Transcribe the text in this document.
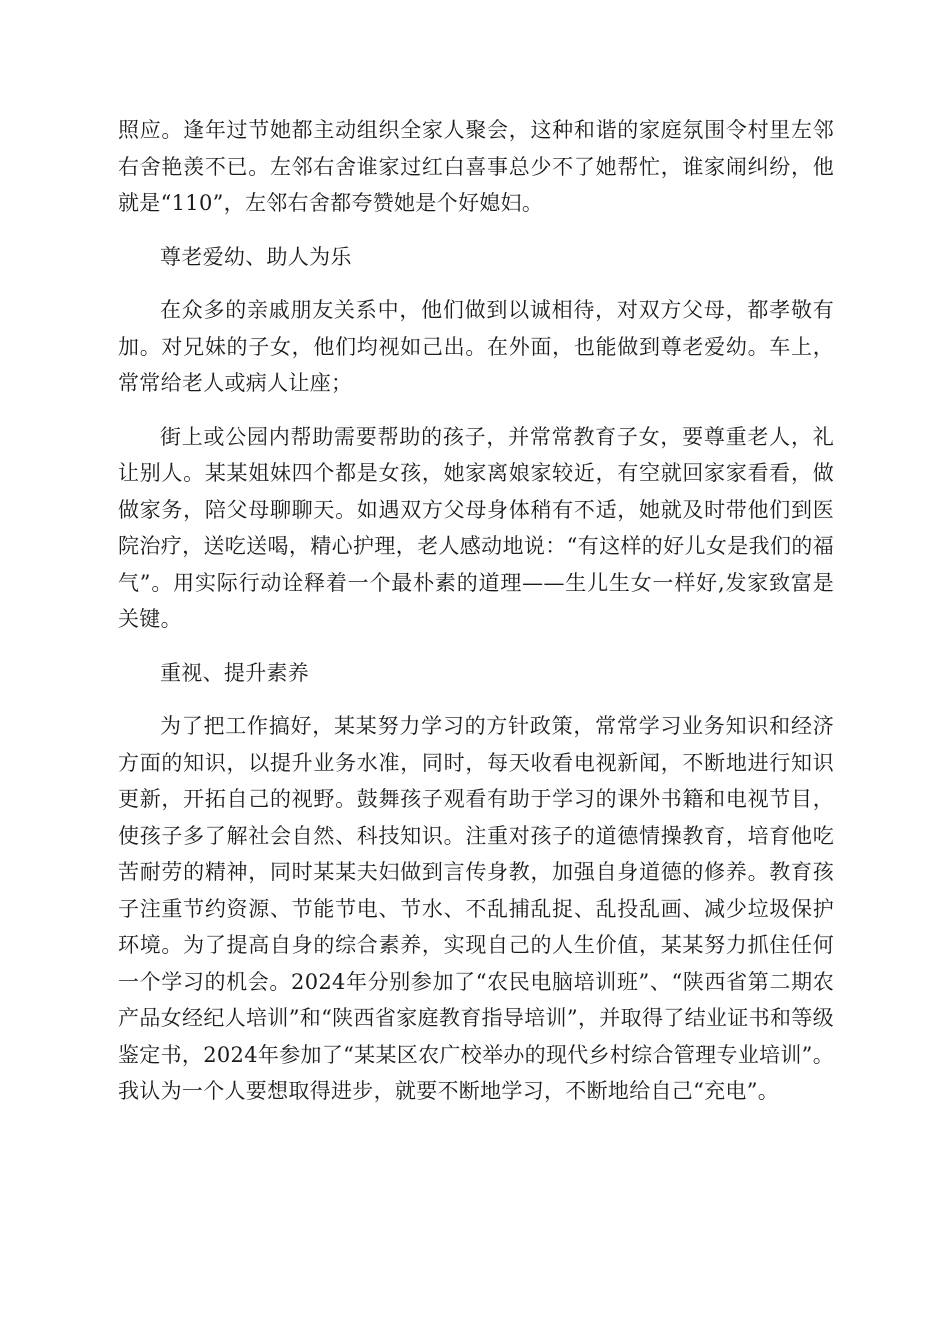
照应。逢年过节她都主动组织全家人聚会，这种和谐的家庭氛围令村里左邻右舍艳羡不已。左邻右舍谁家过红白喜事总少不了她帮忙，谁家闹纠纷，他就是“110”，左邻右舍都夸赞她是个好媳妇。

尊老爱幼、助人为乐

在众多的亲戚朋友关系中，他们做到以诚相待，对双方父母，都孝敬有加。对兄妹的子女，他们均视如己出。在外面，也能做到尊老爱幼。车上，常常给老人或病人让座；

街上或公园内帮助需要帮助的孩子，并常常教育子女，要尊重老人，礼让别人。某某姐妹四个都是女孩，她家离娘家较近，有空就回家家看看，做做家务，陪父母聊聊天。如遇双方父母身体稍有不适，她就及时带他们到医院治疗，送吃送喝，精心护理，老人感动地说：“有这样的好儿女是我们的福气”。用实际行动诠释着一个最朴素的道理——生儿生女一样好,发家致富是关键。

重视、提升素养

为了把工作搞好，某某努力学习的方针政策，常常学习业务知识和经济方面的知识，以提升业务水准，同时，每天收看电视新闻，不断地进行知识更新，开拓自己的视野。鼓舞孩子观看有助于学习的课外书籍和电视节目，使孩子多了解社会自然、科技知识。注重对孩子的道德情操教育，培育他吃苦耐劳的精神，同时某某夫妇做到言传身教，加强自身道德的修养。教育孩子注重节约资源、节能节电、节水、不乱捕乱捉、乱投乱画、减少垃圾保护环境。为了提高自身的综合素养，实现自己的人生价值，某某努力抓住任何一个学习的机会。2024年分别参加了“农民电脑培训班”、“陕西省第二期农产品女经纪人培训”和“陕西省家庭教育指导培训”，并取得了结业证书和等级鉴定书，2024年参加了“某某区农广校举办的现代乡村综合管理专业培训”。我认为一个人要想取得进步，就要不断地学习，不断地给自己“充电”。
